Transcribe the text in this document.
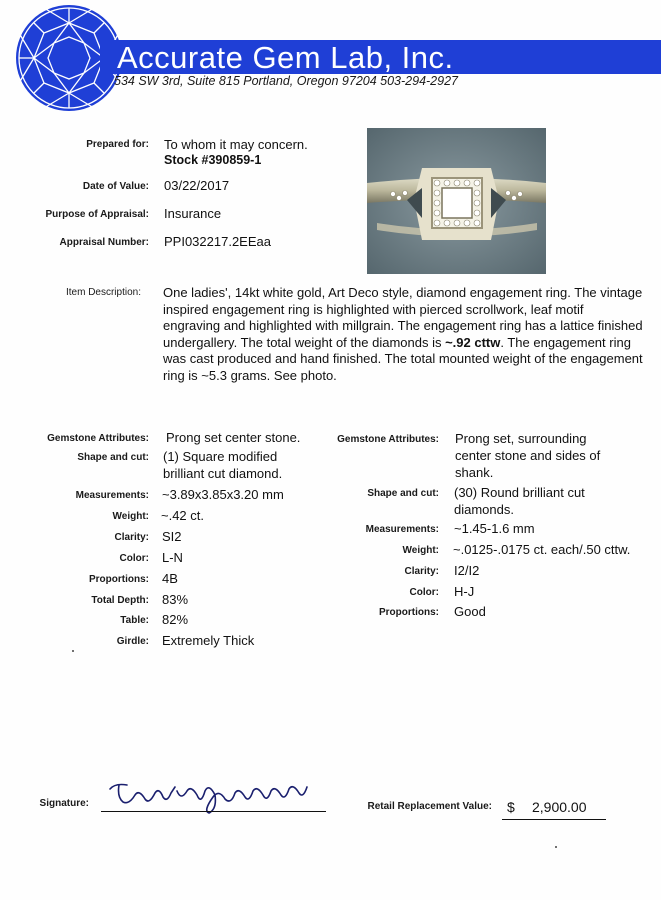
Accurate Gem Lab, Inc.
534 SW 3rd, Suite 815 Portland, Oregon 97204 503-294-2927
Prepared for: To whom it may concern.
Stock #390859-1
Date of Value: 03/22/2017
Purpose of Appraisal: Insurance
Appraisal Number: PPI032217.2EEaa
Item Description: One ladies', 14kt white gold, Art Deco style, diamond engagement ring. The vintage inspired engagement ring is highlighted with pierced scrollwork, leaf motif engraving and highlighted with millgrain. The engagement ring has a lattice finished undergallery. The total weight of the diamonds is ~.92 cttw. The engagement ring was cast produced and hand finished. The total mounted weight of the engagement ring is ~5.3 grams. See photo.
Gemstone Attributes: Prong set center stone.
Shape and cut: (1) Square modified
brilliant cut diamond.
Measurements: ~3.89x3.85x3.20 mm
Weight: ~.42 ct.
Clarity: SI2
Color: L-N
Proportions: 4B
Total Depth: 83%
Table: 82%
Girdle: Extremely Thick
Gemstone Attributes: Prong set, surrounding
center stone and sides of
shank.
Shape and cut: (30) Round brilliant cut
diamonds.
Measurements: ~1.45-1.6 mm
Weight: ~.0125-.0175 ct. each/.50 cttw.
Clarity: I2/I2
Color: H-J
Proportions: Good
Signature:	Retail Replacement Value: $ 2,900.00
